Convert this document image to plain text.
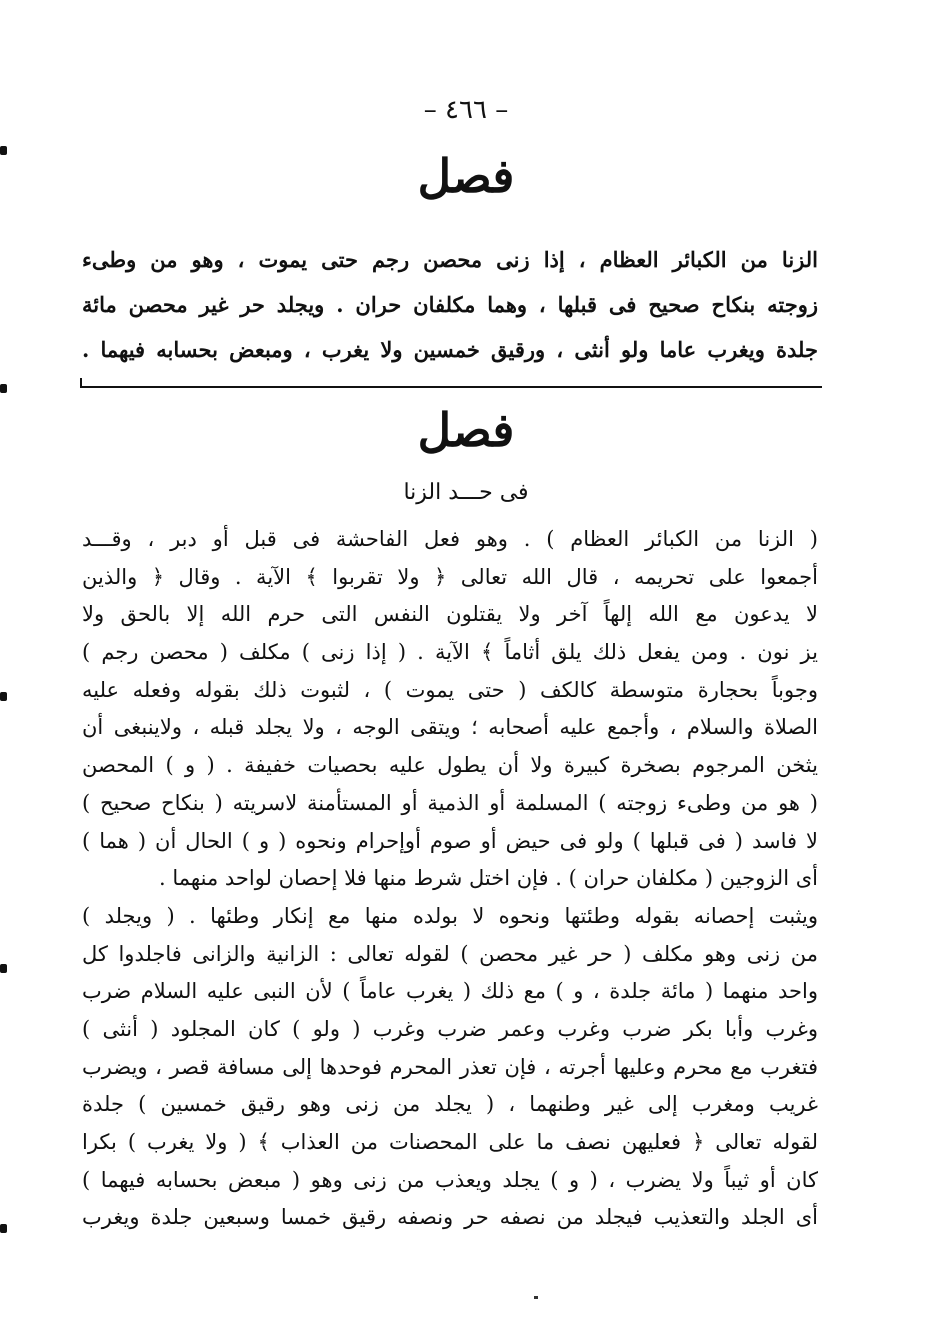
– ٤٦٦ –
فصل
الزنا من الكبائر العظام ، إذا زنى محصن رجم حتى يموت ، وهو من وطىء
زوجته بنكاح صحيح فى قبلها ، وهما مكلفان حران . ويجلد حر غير محصن مائة
جلدة ويغرب عاما ولو أنثى ، ورقيق خمسين ولا يغرب ، ومبعض بحسابه فيهما .
فصل
فى حـــد الزنا
( الزنا من الكبائر العظام ) . وهو فعل الفاحشة فى قبل أو دبر ، وقـــد
أجمعوا على تحريمه ، قال الله تعالى ﴿ ولا تقربوا ﴾ الآية . وقال ﴿ والذين
لا يدعون مع الله إلهاً آخر ولا يقتلون النفس التى حرم الله إلا بالحق ولا
يز نون . ومن يفعل ذلك يلق أثاماً ﴾ الآية . ( إذا زنى ) مكلف ( محصن رجم )
وجوباً بحجارة متوسطة كالكف ( حتى يموت ) ، لثبوت ذلك بقوله وفعله عليه
الصلاة والسلام ، وأجمع عليه أصحابه ؛ ويتقى الوجه ، ولا يجلد قبله ، ولاينبغى أن
يثخن المرجوم بصخرة كبيرة ولا أن يطول عليه بحصيات خفيفة . ( و ) المحصن
( هو من وطىء زوجته ) المسلمة أو الذمية أو المستأمنة لاسريته ( بنكاح صحيح )
لا فاسد ( فى قبلها ) ولو فى حيض أو صوم أوإحرام ونحوه ( و ) الحال أن ( هما )
أى الزوجين ( مكلفان حران ) . فإن اختل شرط منها فلا إحصان لواحد منهما .
ويثبت إحصانه بقوله وطئتها ونحوه لا بولده منها مع إنكار وطئها . ( ويجلد )
من زنى وهو مكلف ( حر غير محصن ) لقوله تعالى : الزانية والزانى فاجلدوا كل
واحد منهما ( مائة جلدة ، و ) مع ذلك ( يغرب عاماً ) لأن النبى عليه السلام ضرب
وغرب وأبا بكر ضرب وغرب وعمر ضرب وغرب ( ولو ) كان المجلود ( أنثى )
فتغرب مع محرم وعليها أجرته ، فإن تعذر المحرم فوحدها إلى مسافة قصر ، ويضرب
غريب ومغرب إلى غير وطنهما ، ( يجلد من زنى وهو رقيق خمسين ) جلدة
لقوله تعالى ﴿ فعليهن نصف ما على المحصنات من العذاب ﴾ ( ولا يغرب ) بكرا
كان أو ثيباً ولا يضرب ، ( و ) يجلد ويعذب من زنى وهو ( مبعض بحسابه فيهما )
أى الجلد والتعذيب فيجلد من نصفه حر ونصفه رقيق خمسا وسبعين جلدة ويغرب
